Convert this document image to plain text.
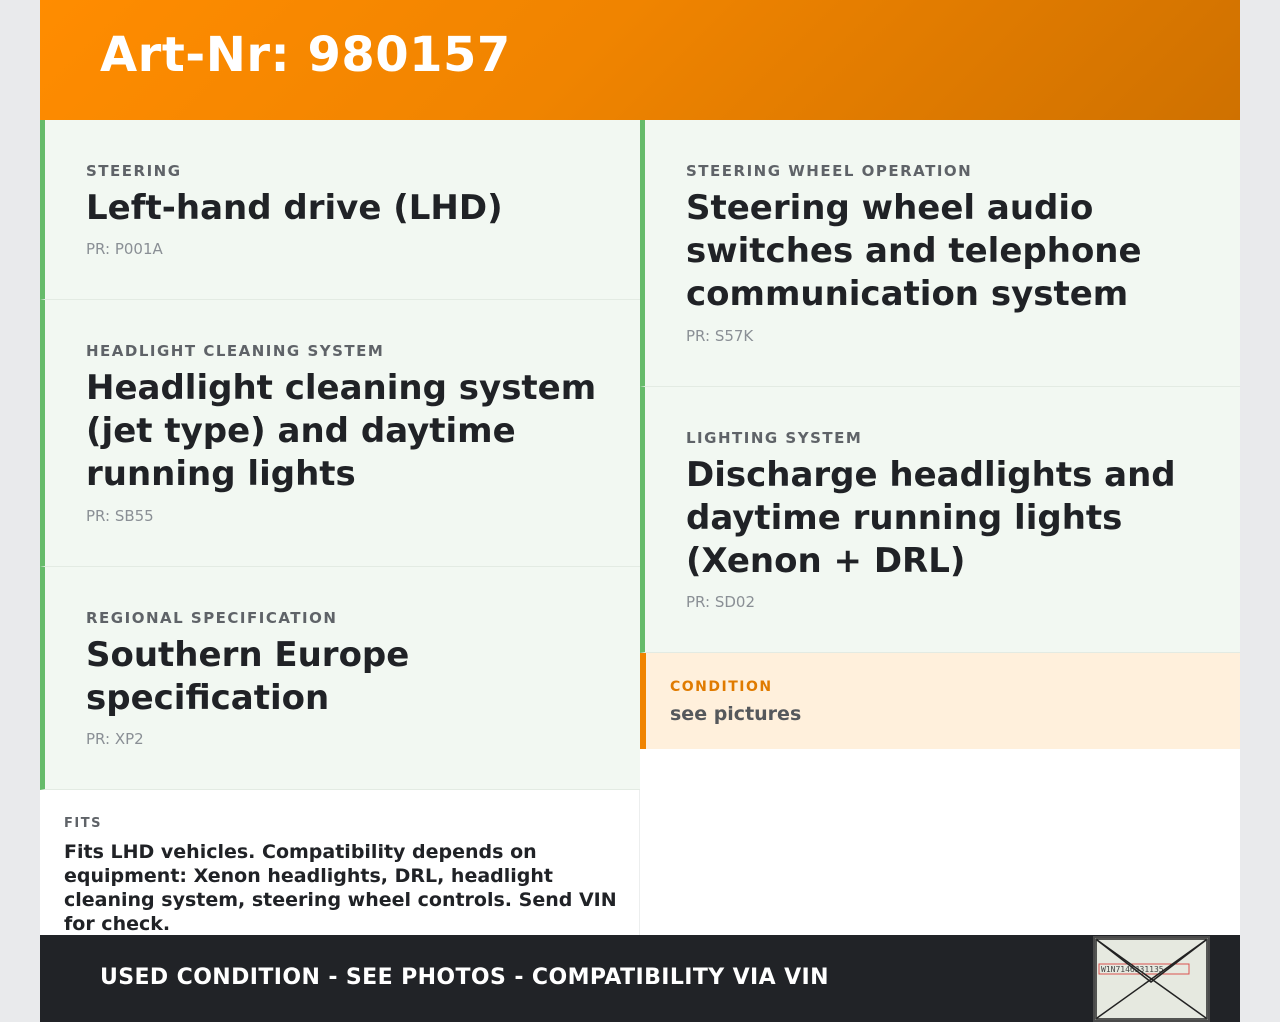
Art-Nr: 980157
STEERING
Left-hand drive (LHD)
PR: P001A
HEADLIGHT CLEANING SYSTEM
Headlight cleaning system (jet type) and daytime running lights
PR: SB55
REGIONAL SPECIFICATION
Southern Europe specification
PR: XP2
FITS
Fits LHD vehicles. Compatibility depends on equipment: Xenon headlights, DRL, headlight cleaning system, steering wheel controls. Send VIN for check.
STEERING WHEEL OPERATION
Steering wheel audio switches and telephone communication system
PR: S57K
LIGHTING SYSTEM
Discharge headlights and daytime running lights (Xenon + DRL)
PR: SD02
CONDITION
see pictures
USED CONDITION - SEE PHOTOS - COMPATIBILITY VIA VIN	W1N7146J31135
